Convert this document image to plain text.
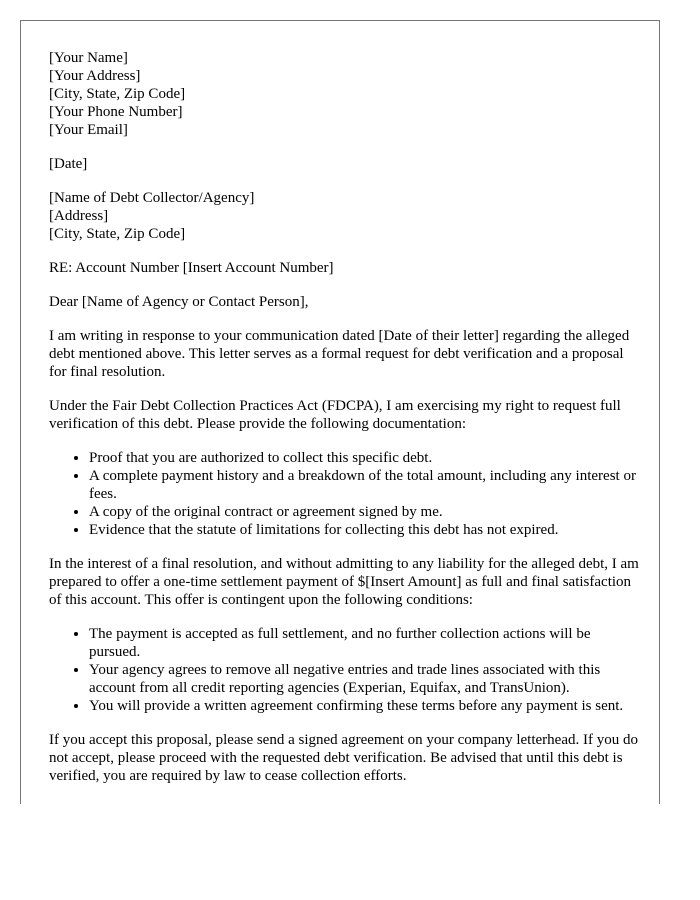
[Your Name]
[Your Address]
[City, State, Zip Code]
[Your Phone Number]
[Your Email]
[Date]
[Name of Debt Collector/Agency]
[Address]
[City, State, Zip Code]

RE: Account Number [Insert Account Number]

Dear [Name of Agency or Contact Person],

I am writing in response to your communication dated [Date of their letter] regarding the alleged debt mentioned above. This letter serves as a formal request for debt verification and a proposal for final resolution.

Under the Fair Debt Collection Practices Act (FDCPA), I am exercising my right to request full verification of this debt. Please provide the following documentation:

• Proof that you are authorized to collect this specific debt.
• A complete payment history and a breakdown of the total amount, including any interest or fees.
• A copy of the original contract or agreement signed by me.
• Evidence that the statute of limitations for collecting this debt has not expired.

In the interest of a final resolution, and without admitting to any liability for the alleged debt, I am prepared to offer a one-time settlement payment of $[Insert Amount] as full and final satisfaction of this account. This offer is contingent upon the following conditions:

• The payment is accepted as full settlement, and no further collection actions will be pursued.
• Your agency agrees to remove all negative entries and trade lines associated with this account from all credit reporting agencies (Experian, Equifax, and TransUnion).
• You will provide a written agreement confirming these terms before any payment is sent.

If you accept this proposal, please send a signed agreement on your company letterhead. If you do not accept, please proceed with the requested debt verification. Be advised that until this debt is verified, you are required by law to cease collection efforts.
